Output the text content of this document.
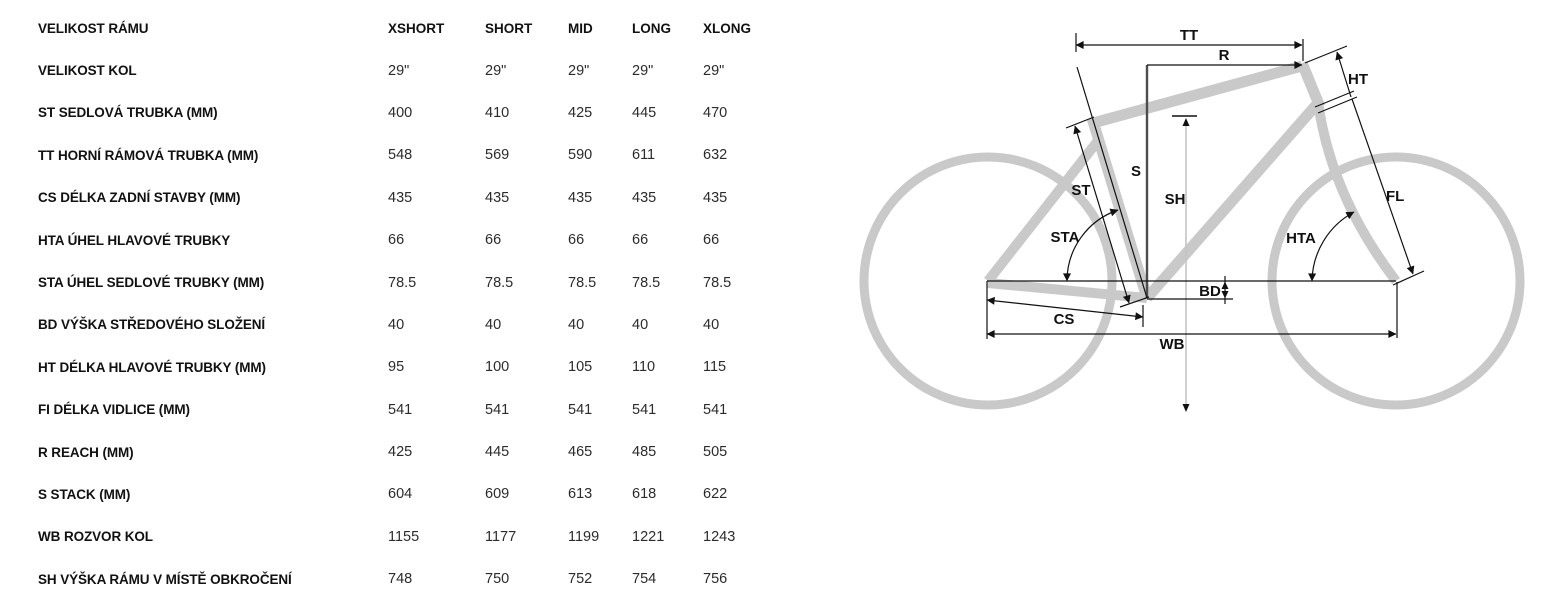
VELIKOST RÁMU	XSHORT	SHORT	MID	LONG	XLONG
VELIKOST KOL	29"	29"	29"	29"	29"
ST SEDLOVÁ TRUBKA (MM)	400	410	425	445	470
TT HORNÍ RÁMOVÁ TRUBKA (MM)	548	569	590	611	632
CS DÉLKA ZADNÍ STAVBY (MM)	435	435	435	435	435
HTA ÚHEL HLAVOVÉ TRUBKY	66	66	66	66	66
STA ÚHEL SEDLOVÉ TRUBKY (MM)	78.5	78.5	78.5	78.5	78.5
BD VÝŠKA STŘEDOVÉHO SLOŽENÍ	40	40	40	40	40
HT DÉLKA HLAVOVÉ TRUBKY (MM)	95	100	105	110	115
FI DÉLKA VIDLICE (MM)	541	541	541	541	541
R REACH (MM)	425	445	465	485	505
S STACK (MM)	604	609	613	618	622
WB ROZVOR KOL	1155	1177	1199	1221	1243
SH VÝŠKA RÁMU V MÍSTĚ OBKROČENÍ	748	750	752	754	756
TT
R
HT
FL
HTA
ST
STA
S
SH
CS
WB
BD
